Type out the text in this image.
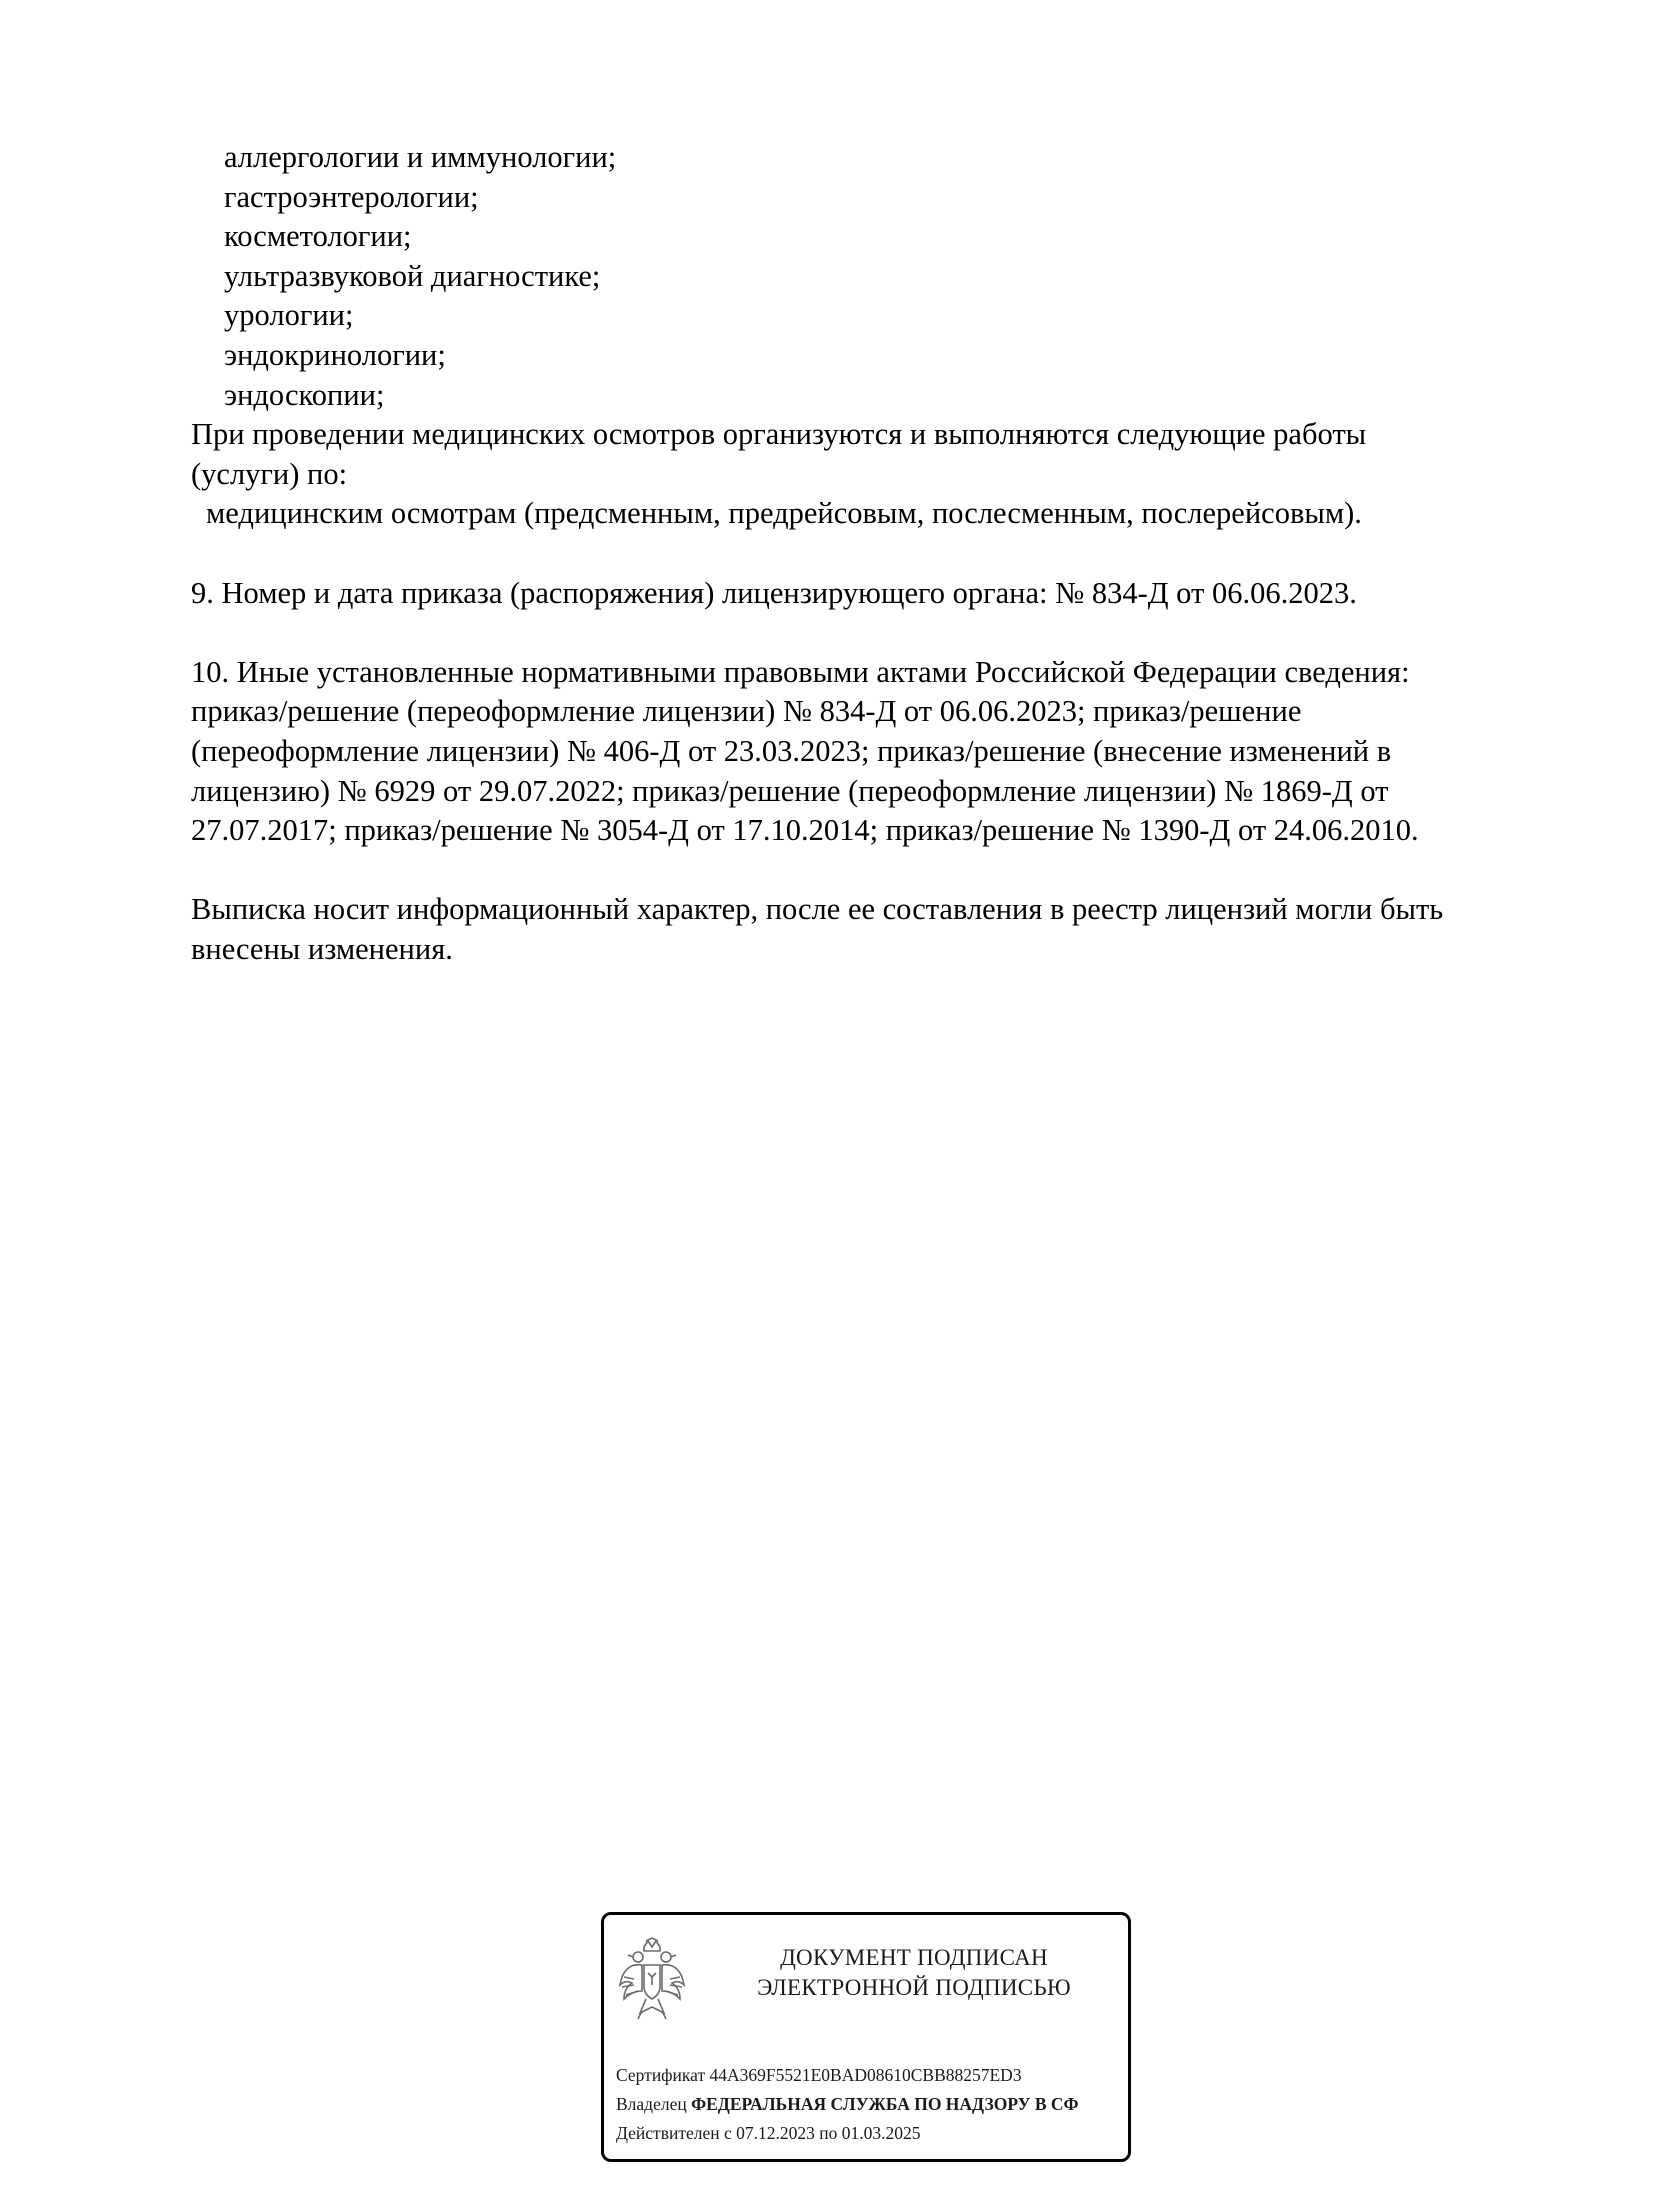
аллергологии и иммунологии;
гастроэнтерологии;
косметологии;
ультразвуковой диагностике;
урологии;
эндокринологии;
эндоскопии;
При проведении медицинских осмотров организуются и выполняются следующие работы
(услуги) по:
медицинским осмотрам (предсменным, предрейсовым, послесменным, послерейсовым).
9. Номер и дата приказа (распоряжения) лицензирующего органа: № 834-Д от 06.06.2023.
10. Иные установленные нормативными правовыми актами Российской Федерации сведения:
приказ/решение (переоформление лицензии) № 834-Д от 06.06.2023; приказ/решение
(переоформление лицензии) № 406-Д от 23.03.2023; приказ/решение (внесение изменений в
лицензию) № 6929 от 29.07.2022; приказ/решение (переоформление лицензии) № 1869-Д от
27.07.2017; приказ/решение № 3054-Д от 17.10.2014; приказ/решение № 1390-Д от 24.06.2010.
Выписка носит информационный характер, после ее составления в реестр лицензий могли быть
внесены изменения.
ДОКУМЕНТ ПОДПИСАН
ЭЛЕКТРОННОЙ ПОДПИСЬЮ
Сертификат 44A369F5521E0BAD08610CBB88257ED3
Владелец ФЕДЕРАЛЬНАЯ СЛУЖБА ПО НАДЗОРУ В СФ
Действителен с 07.12.2023 по 01.03.2025
